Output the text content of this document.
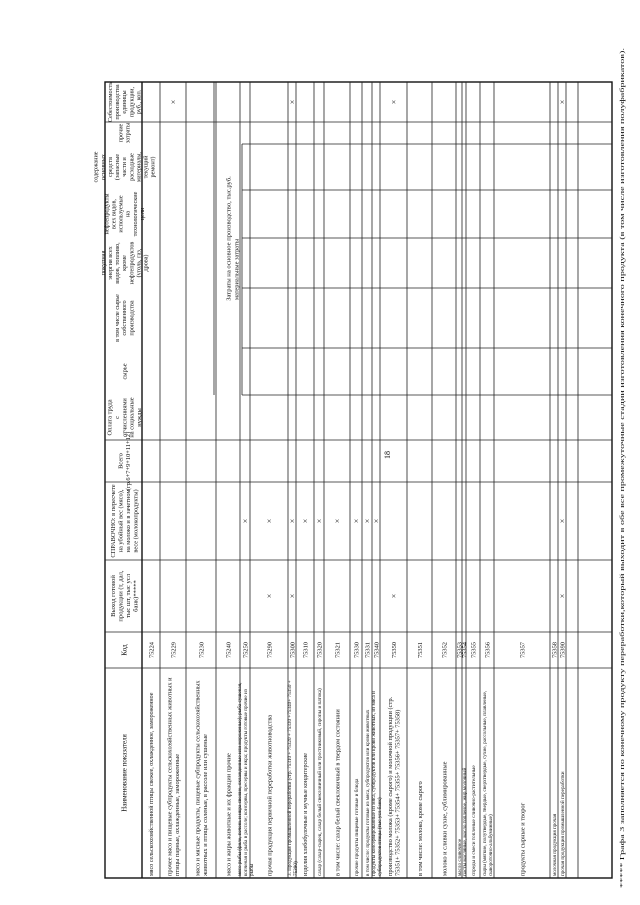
18	***** Графа 3 заполняется по конечному продукту переработки,который выходит в обе все промежуточные стадии изготовления конечного продукта (в том числе изготовления полуфабрикатов).
Наименование показателя
Код
Выход готовойпродукции (т, дал,тыс шт, тыс услбанк)*****
СПРАВОЧНО: в пересчетена убойный вес (мясо),на молоко и в зачетномвесе (молокопродукты)
Всего(гр.6+7+9+10+11+12)
Оплата трудасотчислениямина социальныенужды
Затраты на основное производство, тыс.руб. материальные затраты
сырье
в том числе сырьесобственногопроизводства
покупнаяэнергия всехвидов, топливо,кроменефтепродуктов(уголь, газ,дрова)
нефтепродуктывсех видов,используемыенатехнологическиецели
содержаниеосновныхсредств(запасныечасти ирасходныематериалы,текущийремонт)
прочиезатраты
Себестоимостьпроизводстваединицыпродукции,руб., коп.
мясо сельскохозяйственной птицы свежее, охлажденное, замороженное
75224
прочее мясо и пищевые субпродукты сельскохозяйственных животных иптицы парные, охлажденные, замороженные
75229
×
мясо и мясные продукты, пищевые субпродукты сельскохозяйственныхживотных и птицы соленые, в рассоле или сушеные
75230
мясо и жиры животные и их фракции прочие
75240
мясо рыбы (филе, печень и икра свежие, охлажденные или мороженые); рыба сушеная,копченая и рыба в рассоле; консервы, пресервы и икра; продукты готовые прочие изрыбы
75250
×
прочая продукция первичной переработки животноводства
75290
×
×
3. Продукция промышленной переработки (стр. 75310 + 75320 + 75330 +75340+ 75350 +75390)
75300
×
×
×
изделия хлебобулочные и мучные кондитерские
75310
×
сахар (сахар-сырец, сахар белый свекловичный или тростниковый, сиропы и патока)
75320
×
в том числе: сахар белый свекловичный в твердом состоянии
75321
×
прочие продукты пищевые готовые и блюда
75330
×
в том числе: продукты готовые из мяса, субпродуктов или крови животных
75331
×
продукты консервированные из мяса, субпродуктов или крови животных, из мяса исубпродуктов птицы (тыс усл банк)
75340
×
производство молока (кроме сырого) и молочной продукции (стр.75351+ 75352+ 75353+ 75354+ 75355+ 75356+ 75357+ 75358)
75350
×
×
в том числе: молоко, кроме сырого
75351
молоко и сливки сухие, сублимированные
75352
масло сливочное
75353
пасты масляные, масло топленое, жир молочный
75354
спреды и смеси топленые сливочно-растительные
75355
сыры (мягкие, полутвердые, твердые, сверхтвердые, сухие, рассольные, плавленые,сывороточно-альбуминные)
75356
продукты сырные и творог
75357
молочная продукция прочая
75358
прочая продукция промышленной переработки
75390
×
×
×
